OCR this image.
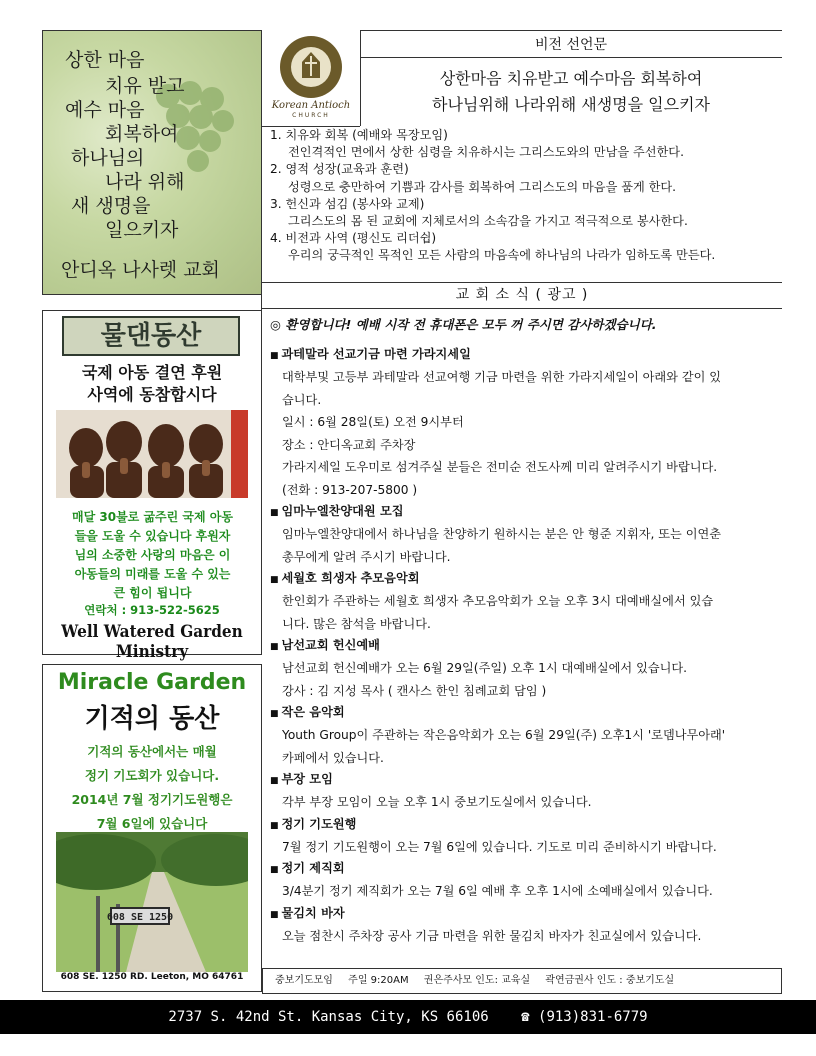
상한 마음
치유 받고
예수 마음
회복하여
하나님의
나라 위해
새 생명을
일으키자
안디옥 나사렛 교회
Korean Antioch
CHURCH
비전 선언문
상한마음 치유받고 예수마음 회복하여
하나님위해 나라위해 새생명을 일으키자
1. 치유와 회복 (예배와 목장모임)
전인격적인 면에서 상한 심령을 치유하시는 그리스도와의 만남을 주선한다.
2. 영적 성장(교육과 훈련)
성령으로 충만하여 기쁨과 감사를 회복하여 그리스도의 마음을 품게 한다.
3. 헌신과 섬김 (봉사와 교제)
그리스도의 몸 된 교회에 지체로서의 소속감을 가지고 적극적으로 봉사한다.
4. 비전과 사역 (평신도 리더쉽)
우리의 궁극적인 목적인 모든 사람의 마음속에 하나님의 나라가 임하도록 만든다.
교 회 소 식 ( 광고 )
◎ 환영합니다! 예배 시작 전 휴대폰은 모두 꺼 주시면 감사하겠습니다.
■ 과테말라 선교기금 마련 가라지세일
대학부및 고등부 과테말라 선교여행 기금 마련을 위한 가라지세일이 아래와 같이 있
습니다.
일시 : 6월 28일(토) 오전 9시부터
장소 : 안디옥교회 주차장
가라지세일 도우미로 섬겨주실 분들은 전미순 전도사께 미리 알려주시기 바랍니다.
(전화 : 913-207-5800 )
■ 임마누엘찬양대원 모집
임마누엘찬양대에서 하나님을 찬양하기 원하시는 분은 안 형준 지휘자, 또는 이연춘
총무에게 알려 주시기 바랍니다.
■ 세월호 희생자 추모음악회
한인회가 주관하는 세월호 희생자 추모음악회가 오늘 오후 3시 대예배실에서 있습
니다. 많은 참석을 바랍니다.
■ 남선교회 헌신예배
남선교회 헌신예배가 오는 6월 29일(주일) 오후 1시 대예배실에서 있습니다.
강사 : 김 지성 목사 ( 캔사스 한인 침례교회 담임 )
■ 작은 음악회
Youth Group이 주관하는 작은음악회가 오는 6월 29일(주) 오후1시 '로뎀나무아래'
카페에서 있습니다.
■ 부장 모임
각부 부장 모임이 오늘 오후 1시 중보기도실에서 있습니다.
■ 정기 기도원행
7월 정기 기도원행이 오는 7월 6일에 있습니다. 기도로 미리 준비하시기 바랍니다.
■ 정기 제직회
3/4분기 정기 제직회가 오는 7월 6일 예배 후 오후 1시에 소예배실에서 있습니다.
■ 물김치 바자
오늘 점찬시 주차장 공사 기금 마련을 위한 물김치 바자가 친교실에서 있습니다.
중보기도모임 주일 9:20AM 권은주사모 인도: 교육실 곽연금권사 인도 : 중보기도실
물댄동산
국제 아동 결연 후원
사역에 동참합시다
매달 30불로 굶주린 국제 아동
들을 도울 수 있습니다 후원자
님의 소중한 사랑의 마음은 이
아동들의 미래를 도울 수 있는
큰 힘이 됩니다
연락처 : 913-522-5625
Well Watered Garden Ministry
Miracle Garden
기적의 동산
기적의 동산에서는 매월
정기 기도회가 있습니다.
2014년 7월 정기기도원행은
7월 6일에 있습니다
608 SE 1250
608 SE. 1250 RD. Leeton, MO 64761
2737 S. 42nd St. Kansas City, KS 66106 ☎ (913)831-6779
